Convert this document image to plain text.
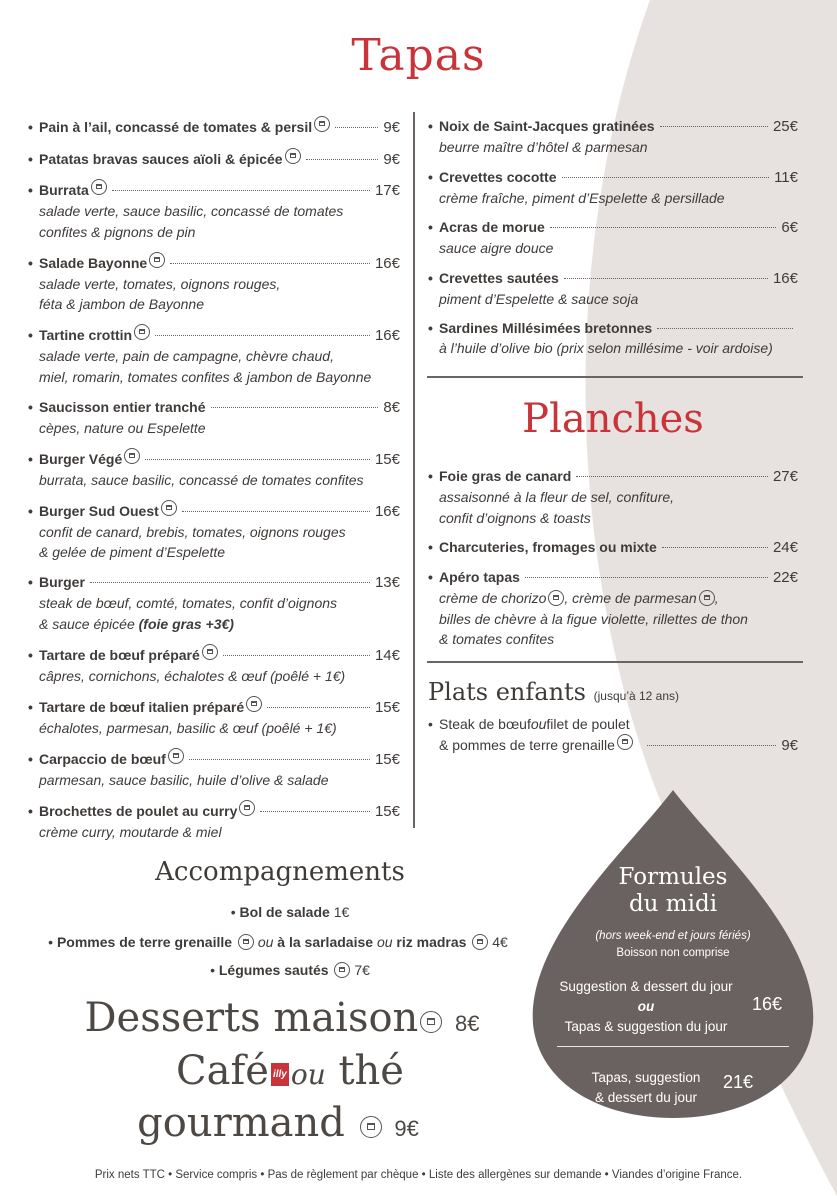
Tapas
• Pain à l’ail, concassé de tomates & persil	9€
• Patatas bravas sauces aïoli & épicée	9€
• Burrata	17€
salade verte, sauce basilic, concassé de tomates
confites & pignons de pin
• Salade Bayonne	16€
salade verte, tomates, oignons rouges,
féta & jambon de Bayonne
• Tartine crottin	16€
salade verte, pain de campagne, chèvre chaud,
miel, romarin, tomates confites & jambon de Bayonne
• Saucisson entier tranché	8€
cèpes, nature ou Espelette
• Burger Végé	15€
burrata, sauce basilic, concassé de tomates confites
• Burger Sud Ouest	16€
confit de canard, brebis, tomates, oignons rouges
& gelée de piment d’Espelette
• Burger	13€
steak de bœuf, comté, tomates, confit d’oignons
& sauce épicée (foie gras +3€)
• Tartare de bœuf préparé	14€
câpres, cornichons, échalotes & œuf (poêlé + 1€)
• Tartare de bœuf italien préparé	15€
échalotes, parmesan, basilic & œuf (poêlé + 1€)
• Carpaccio de bœuf	15€
parmesan, sauce basilic, huile d’olive & salade
• Brochettes de poulet au curry	15€
crème curry, moutarde & miel
• Noix de Saint-Jacques gratinées	25€
beurre maître d’hôtel & parmesan
• Crevettes cocotte	11€
crème fraîche, piment d’Espelette & persillade
• Acras de morue	6€
sauce aigre douce
• Crevettes sautées	16€
piment d’Espelette & sauce soja
• Sardines Millésimées bretonnes
à l’huile d’olive bio (prix selon millésime - voir ardoise)
Planches
• Foie gras de canard	27€
assaisonné à la fleur de sel, confiture,
confit d’oignons & toasts
• Charcuteries, fromages ou mixte	24€
• Apéro tapas	22€
crème de chorizo , crème de parmesan ,
billes de chèvre à la figue violette, rillettes de thon
& tomates confites
Plats enfants (jusqu’à 12 ans)
• Steak de bœuf ou filet de poulet
& pommes de terre grenaille	9€
Accompagnements
• Bol de salade 1€
• Pommes de terre grenaille ou à la sarladaise ou riz madras 4€
• Légumes sautés 7€
Desserts maison 8€
Café illy ou thé
gourmand 9€
Formules
du midi
(hors week-end et jours fériés)
Boisson non comprise
Suggestion & dessert du jour
ou
Tapas & suggestion du jour
16€
Tapas, suggestion
& dessert du jour
21€
Prix nets TTC • Service compris • Pas de règlement par chèque • Liste des allergènes sur demande • Viandes d’origine France.
